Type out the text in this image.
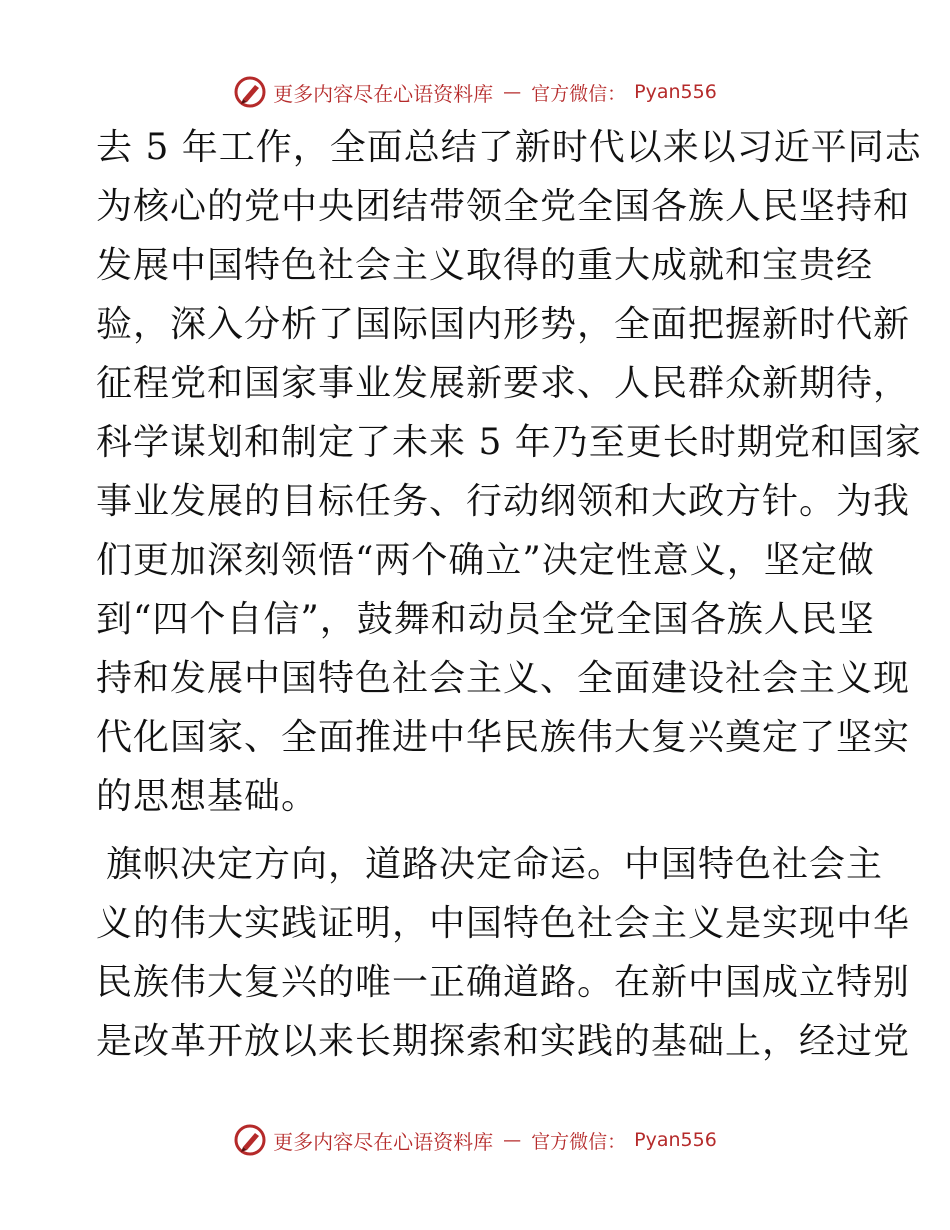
更多内容尽在心语资料库 — 官方微信： Pyan556
去 5 年工作，全面总结了新时代以来以习近平同志
为核心的党中央团结带领全党全国各族人民坚持和
发展中国特色社会主义取得的重大成就和宝贵经
验，深入分析了国际国内形势，全面把握新时代新
征程党和国家事业发展新要求、人民群众新期待，
科学谋划和制定了未来 5 年乃至更长时期党和国家
事业发展的目标任务、行动纲领和大政方针。为我
们更加深刻领悟“两个确立”决定性意义，坚定做
到“四个自信”，鼓舞和动员全党全国各族人民坚
持和发展中国特色社会主义、全面建设社会主义现
代化国家、全面推进中华民族伟大复兴奠定了坚实
的思想基础。
旗帜决定方向，道路决定命运。中国特色社会主
义的伟大实践证明，中国特色社会主义是实现中华
民族伟大复兴的唯一正确道路。在新中国成立特别
是改革开放以来长期探索和实践的基础上，经过党
更多内容尽在心语资料库 — 官方微信： Pyan556
